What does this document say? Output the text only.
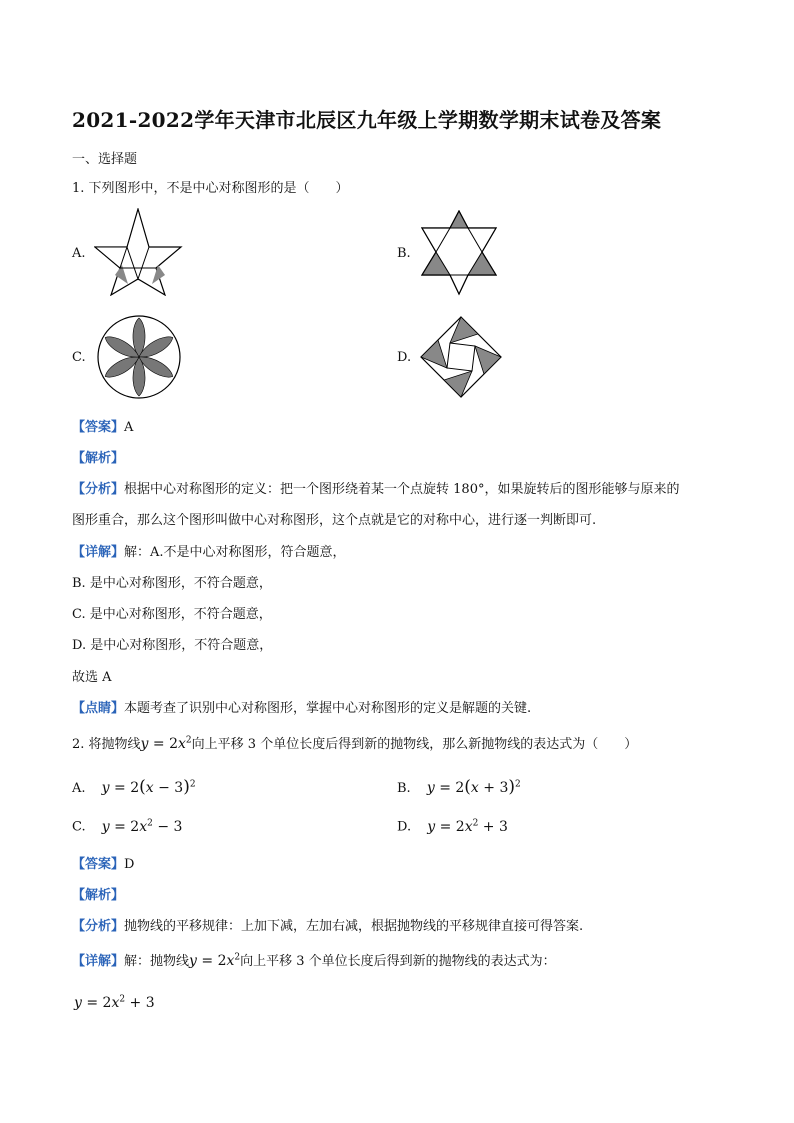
2021-2022学年天津市北辰区九年级上学期数学期末试卷及答案
一、选择题
1. 下列图形中，不是中心对称图形的是（　　）
A.	B.
C.	D.
【答案】A
【解析】
【分析】根据中心对称图形的定义：把一个图形绕着某一个点旋转 180°，如果旋转后的图形能够与原来的
图形重合，那么这个图形叫做中心对称图形，这个点就是它的对称中心，进行逐一判断即可.
【详解】解：A.不是中心对称图形，符合题意，
B. 是中心对称图形，不符合题意，
C. 是中心对称图形，不符合题意，
D. 是中心对称图形，不符合题意，
故选 A
【点睛】本题考查了识别中心对称图形，掌握中心对称图形的定义是解题的关键.
2. 将抛物线$y = 2x^2$向上平移 3 个单位长度后得到新的抛物线，那么新抛物线的表达式为（　　）
A. $y = 2(x - 3)^2$	B. $y = 2(x + 3)^2$
C. $y = 2x^2 - 3$	D. $y = 2x^2 + 3$
【答案】D
【解析】
【分析】抛物线的平移规律：上加下减，左加右减，根据抛物线的平移规律直接可得答案.
【详解】解：抛物线$y = 2x^2$向上平移 3 个单位长度后得到新的抛物线的表达式为：
$y = 2x^2 + 3$
